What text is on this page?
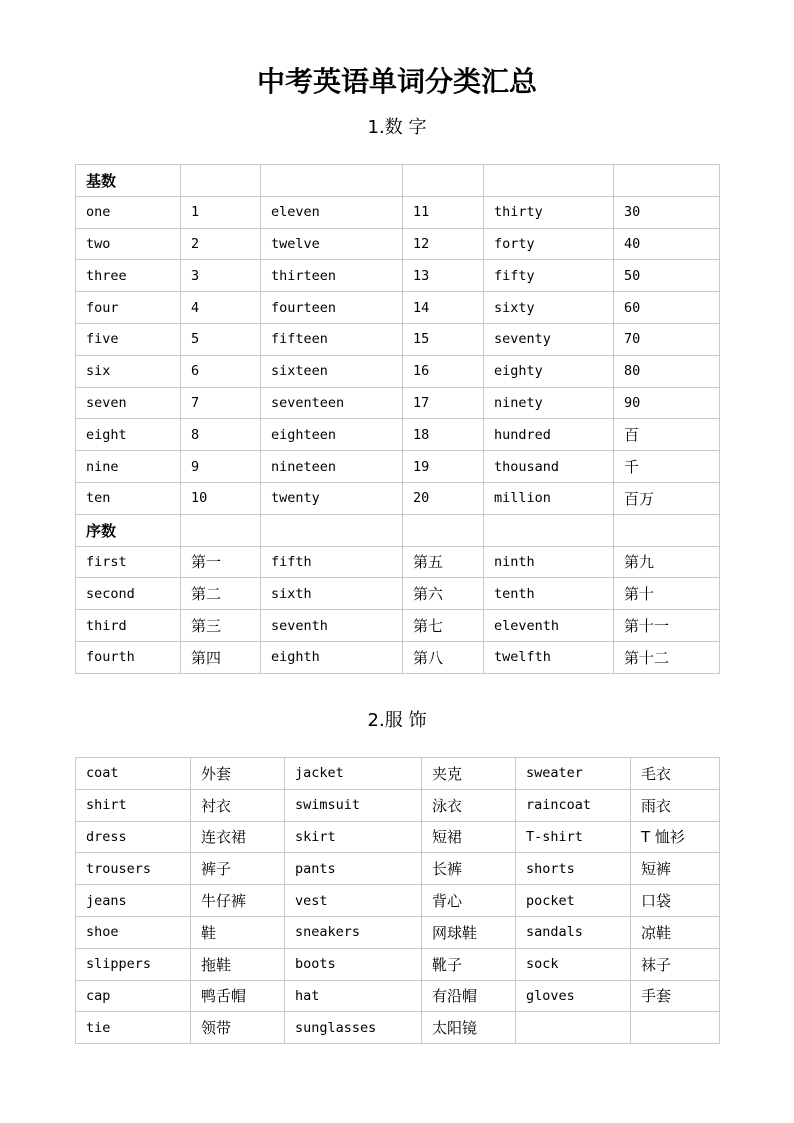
中考英语单词分类汇总
1.数 字
基数					
one	1	eleven	11	thirty	30
two	2	twelve	12	forty	40
three	3	thirteen	13	fifty	50
four	4	fourteen	14	sixty	60
five	5	fifteen	15	seventy	70
six	6	sixteen	16	eighty	80
seven	7	seventeen	17	ninety	90
eight	8	eighteen	18	hundred	百
nine	9	nineteen	19	thousand	千
ten	10	twenty	20	million	百万
序数					
first	第一	fifth	第五	ninth	第九
second	第二	sixth	第六	tenth	第十
third	第三	seventh	第七	eleventh	第十一
fourth	第四	eighth	第八	twelfth	第十二
2.服 饰
coat	外套	jacket	夹克	sweater	毛衣
shirt	衬衣	swimsuit	泳衣	raincoat	雨衣
dress	连衣裙	skirt	短裙	T-shirt	T 恤衫
trousers	裤子	pants	长裤	shorts	短裤
jeans	牛仔裤	vest	背心	pocket	口袋
shoe	鞋	sneakers	网球鞋	sandals	凉鞋
slippers	拖鞋	boots	靴子	sock	袜子
cap	鸭舌帽	hat	有沿帽	gloves	手套
tie	领带	sunglasses	太阳镜		
